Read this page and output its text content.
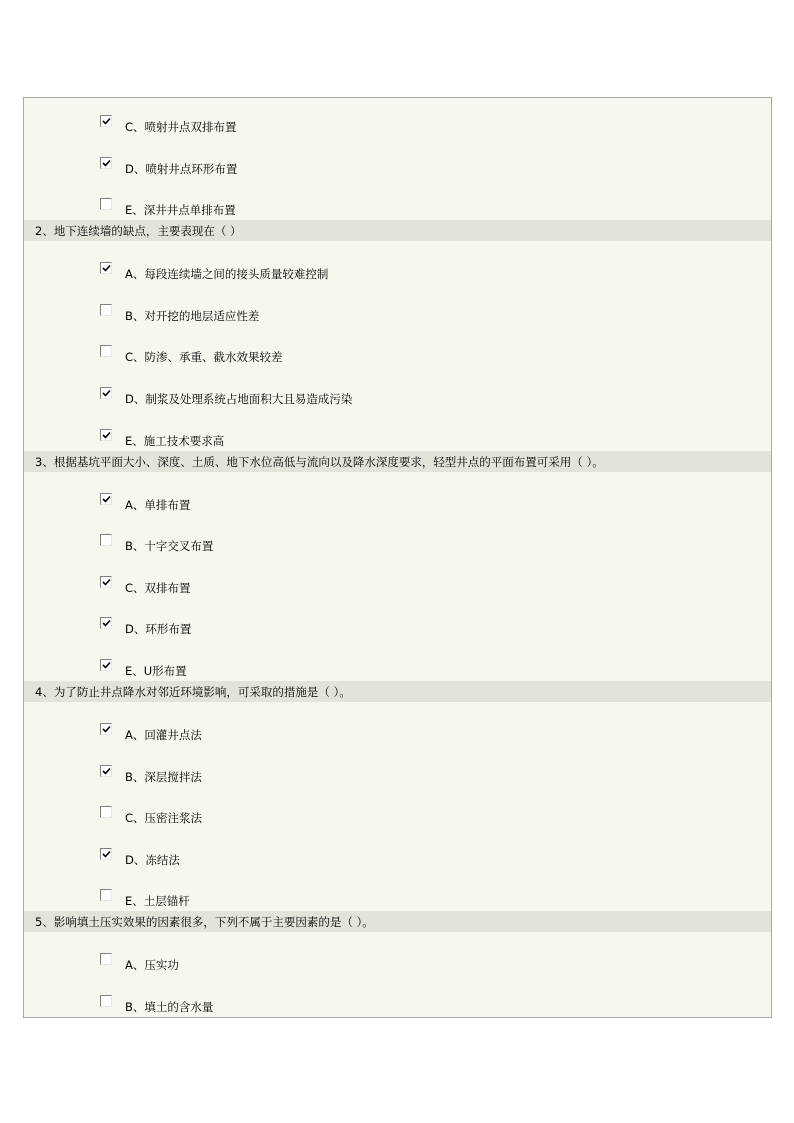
C、喷射井点双排布置
D、喷射井点环形布置
E、深井井点单排布置
2、地下连续墙的缺点，主要表现在（ ）
A、每段连续墙之间的接头质量较难控制
B、对开挖的地层适应性差
C、防渗、承重、截水效果较差
D、制浆及处理系统占地面积大且易造成污染
E、施工技术要求高
3、根据基坑平面大小、深度、土质、地下水位高低与流向以及降水深度要求，轻型井点的平面布置可采用（ ）。
A、单排布置
B、十字交叉布置
C、双排布置
D、环形布置
E、U形布置
4、为了防止井点降水对邻近环境影响，可采取的措施是（ ）。
A、回灌井点法
B、深层搅拌法
C、压密注浆法
D、冻结法
E、土层锚杆
5、影响填土压实效果的因素很多，下列不属于主要因素的是（ ）。
A、压实功
B、填土的含水量
